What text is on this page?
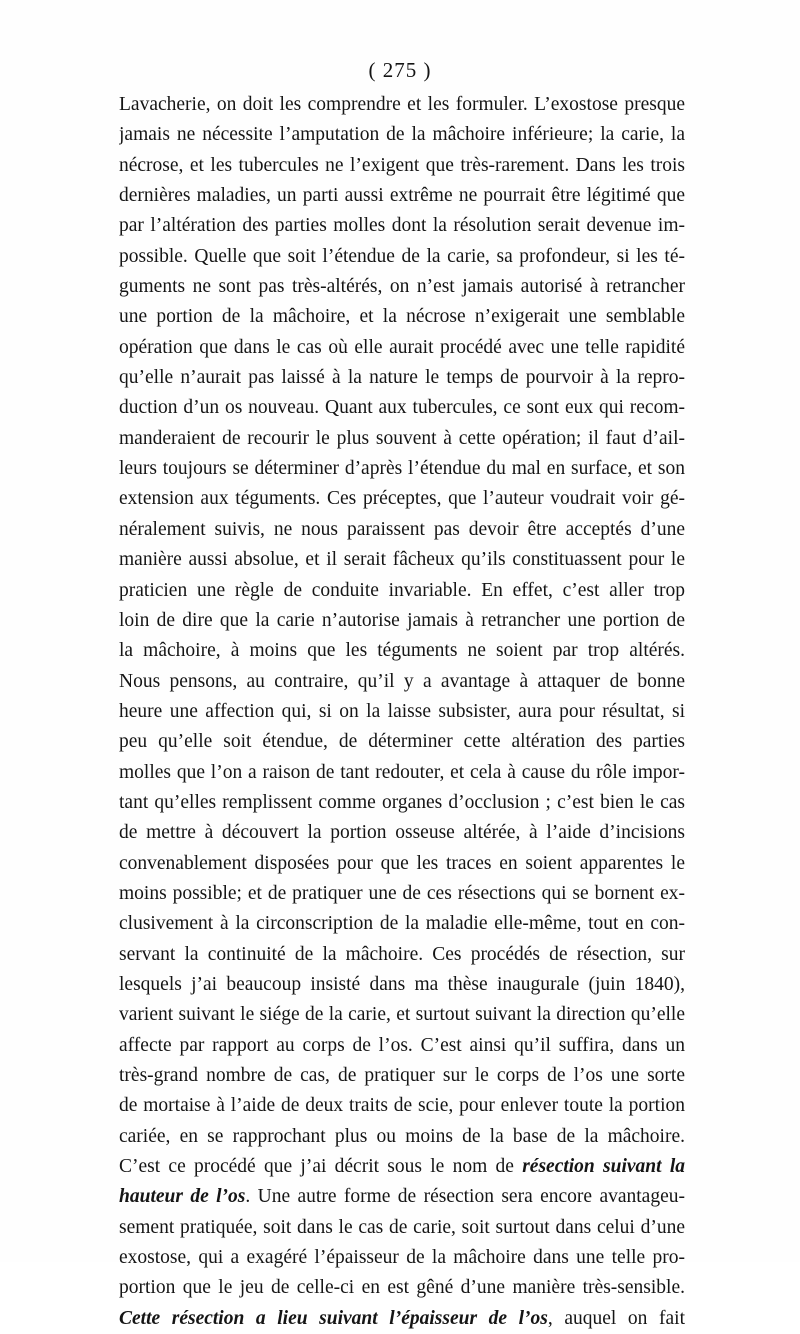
( 275 )
Lavacherie, on doit les comprendre et les formuler. L’exostose presque
jamais ne nécessite l’amputation de la mâchoire inférieure; la carie, la
nécrose, et les tubercules ne l’exigent que très-rarement. Dans les trois
dernières maladies, un parti aussi extrême ne pourrait être légitimé que
par l’altération des parties molles dont la résolution serait devenue im-
possible. Quelle que soit l’étendue de la carie, sa profondeur, si les té-
guments ne sont pas très-altérés, on n’est jamais autorisé à retrancher
une portion de la mâchoire, et la nécrose n’exigerait une semblable
opération que dans le cas où elle aurait procédé avec une telle rapidité
qu’elle n’aurait pas laissé à la nature le temps de pourvoir à la repro-
duction d’un os nouveau. Quant aux tubercules, ce sont eux qui recom-
manderaient de recourir le plus souvent à cette opération; il faut d’ail-
leurs toujours se déterminer d’après l’étendue du mal en surface, et son
extension aux téguments. Ces préceptes, que l’auteur voudrait voir gé-
néralement suivis, ne nous paraissent pas devoir être acceptés d’une
manière aussi absolue, et il serait fâcheux qu’ils constituassent pour le
praticien une règle de conduite invariable. En effet, c’est aller trop
loin de dire que la carie n’autorise jamais à retrancher une portion de
la mâchoire, à moins que les téguments ne soient par trop altérés.
Nous pensons, au contraire, qu’il y a avantage à attaquer de bonne
heure une affection qui, si on la laisse subsister, aura pour résultat, si
peu qu’elle soit étendue, de déterminer cette altération des parties
molles que l’on a raison de tant redouter, et cela à cause du rôle impor-
tant qu’elles remplissent comme organes d’occlusion ; c’est bien le cas
de mettre à découvert la portion osseuse altérée, à l’aide d’incisions
convenablement disposées pour que les traces en soient apparentes le
moins possible; et de pratiquer une de ces résections qui se bornent ex-
clusivement à la circonscription de la maladie elle-même, tout en con-
servant la continuité de la mâchoire. Ces procédés de résection, sur
lesquels j’ai beaucoup insisté dans ma thèse inaugurale (juin 1840),
varient suivant le siége de la carie, et surtout suivant la direction qu’elle
affecte par rapport au corps de l’os. C’est ainsi qu’il suffira, dans un
très-grand nombre de cas, de pratiquer sur le corps de l’os une sorte
de mortaise à l’aide de deux traits de scie, pour enlever toute la portion
cariée, en se rapprochant plus ou moins de la base de la mâchoire.
C’est ce procédé que j’ai décrit sous le nom de résection suivant la
hauteur de l’os. Une autre forme de résection sera encore avantageu-
sement pratiquée, soit dans le cas de carie, soit surtout dans celui d’une
exostose, qui a exagéré l’épaisseur de la mâchoire dans une telle pro-
portion que le jeu de celle-ci en est gêné d’une manière très-sensible.
Cette résection a lieu suivant l’épaisseur de l’os, auquel on fait
